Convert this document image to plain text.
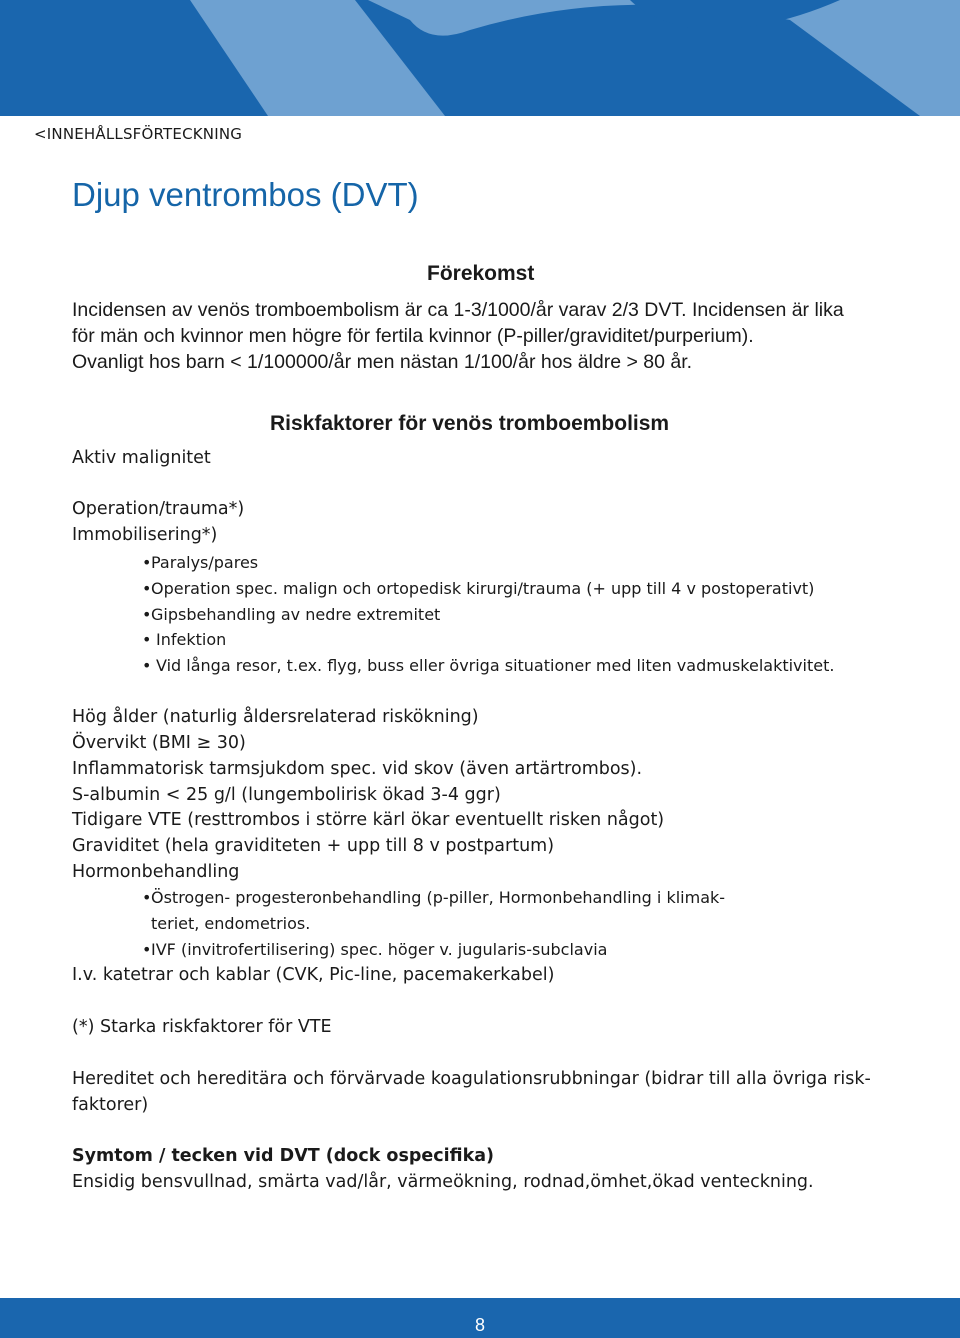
<INNEHÅLLSFÖRTECKNING
Djup ventrombos (DVT)
Förekomst
Incidensen av venös tromboembolism är ca 1-3/1000/år varav 2/3 DVT. Incidensen är lika
för män och kvinnor men högre för fertila kvinnor (P-piller/graviditet/purperium).
Ovanligt hos barn < 1/100000/år men nästan 1/100/år hos äldre > 80 år.
Riskfaktorer för venös tromboembolism
Aktiv malignitet
Operation/trauma*)
Immobilisering*)
•Paralys/pares
•Operation spec. malign och ortopedisk kirurgi/trauma (+ upp till 4 v postoperativt)
•Gipsbehandling av nedre extremitet
• Infektion
• Vid långa resor, t.ex. flyg, buss eller övriga situationer med liten vadmuskelaktivitet.
Hög ålder (naturlig åldersrelaterad riskökning)
Övervikt (BMI ≥ 30)
Inflammatorisk tarmsjukdom spec. vid skov (även artärtrombos).
S-albumin < 25 g/l (lungembolirisk ökad 3-4 ggr)
Tidigare VTE (resttrombos i större kärl ökar eventuellt risken något)
Graviditet (hela graviditeten + upp till 8 v postpartum)
Hormonbehandling
•Östrogen- progesteronbehandling (p-piller, Hormonbehandling i klimak-
teriet, endometrios.
•IVF (invitrofertilisering) spec. höger v. jugularis-subclavia
I.v. katetrar och kablar (CVK, Pic-line, pacemakerkabel)
(*) Starka riskfaktorer för VTE
Hereditet och hereditära och förvärvade koagulationsrubbningar (bidrar till alla övriga risk-
faktorer)
Symtom / tecken vid DVT (dock ospecifika)
Ensidig bensvullnad, smärta vad/lår, värmeökning, rodnad,ömhet,ökad venteckning.
8
